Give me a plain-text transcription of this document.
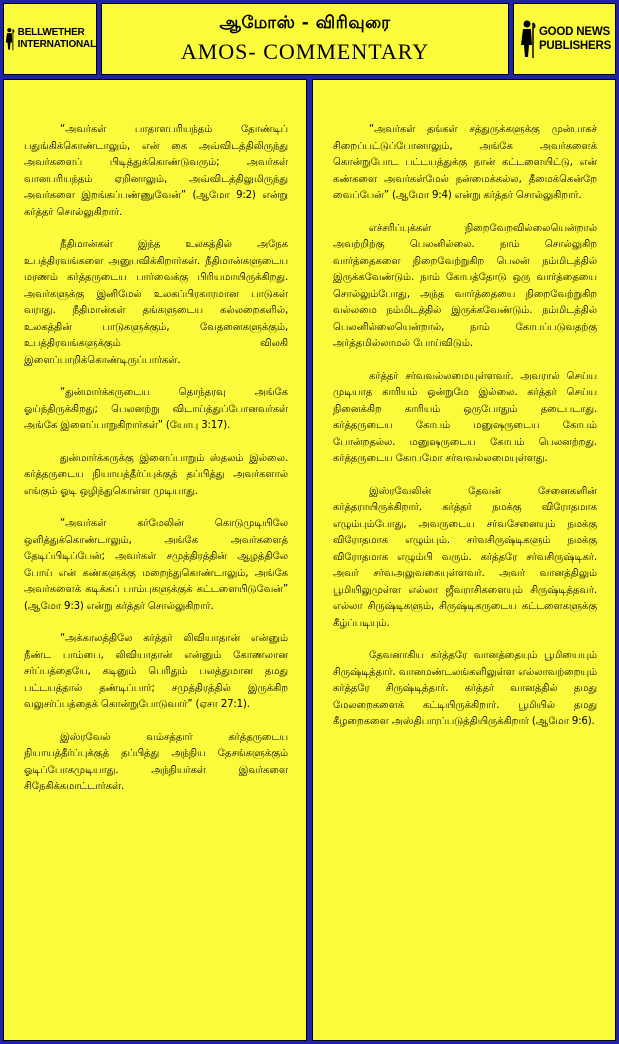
BELLWETHER
INTERNATIONAL
ஆமோஸ் - விரிவுரை
AMOS- COMMENTARY
GOOD NEWS
PUBLISHERS

“அவர்கள் பாதாளபரியந்தம் தோண்டிப் பதுங்கிக்கொண்டாலும், என் கை அவ்விடத்திலிருந்து அவர்களைப் பிடித்துக்கொண்டுவரும்; அவர்கள் வானபரியந்தம் ஏறினாலும், அவ்விடத்திலுமிருந்து அவர்களை இறங்கப்பண்ணுவேன்” (ஆமோ 9:2) என்று கர்த்தர் சொல்லுகிறார்.

நீதிமான்கள் இந்த உலகத்தில் அநேக உபத்திரவங்களை அனுபவிக்கிறார்கள். நீதிமான்களுடைய மரணம் கர்த்தருடைய பார்வைக்கு பிரியமாயிருக்கிறது. அவர்களுக்கு இனிமேல் உலகப்பிரகாரமான பாடுகள் வராது. நீதிமான்கள் தங்களுடைய கல்லறைகளில், உலகத்தின் பாடுகளுக்கும், வேதனைகளுக்கும், உபத்திரவங்களுக்கும் விலகி இளைப்பாறிக்கொண்டிருப்பார்கள்.

“துன்மார்க்கருடைய தொந்தரவு அங்கே ஓய்ந்திருக்கிறது; பெலனற்று விடாய்த்துப்போனவர்கள் அங்கே இளைப்பாறுகிறார்கள்” (யோபு 3:17).

துன்மார்க்கருக்கு இளைப்பாறும் ஸ்தலம் இல்லை. கர்த்தருடைய நியாயத்தீர்ப்புக்குத் தப்பித்து அவர்களால் எங்கும் ஓடி ஒழிந்துகொள்ள முடியாது.

“அவர்கள் கர்மேலின் கொடுமுடியிலே ஒளித்துக்கொண்டாலும், அங்கே அவர்களைத் தேடிப்பிடிப்பேன்; அவர்கள் சமுத்திரத்தின் ஆழத்திலே போய் என் கண்களுக்கு மறைந்துகொண்டாலும், அங்கே அவர்களைக் கடிக்கப் பாம்புகளுக்குக் கட்டளையிடுவேன்” (ஆமோ 9:3) என்று கர்த்தர் சொல்லுகிறார்.

“அக்காலத்திலே கர்த்தர் லிவியாதான் என்னும் நீண்ட பாம்பை, லிவியாதான் என்னும் கோணலான சர்ப்பத்தையே, கடினும் பெரிதும் பலத்துமான தமது பட்டயத்தால் தண்டிப்பார்; சமுத்திரத்தில் இருக்கிற வலுசர்ப்பத்தைக் கொன்றுபோடுவார்” (ஏசா 27:1).

இஸ்ரவேல் வம்சத்தார் கர்த்தருடைய நியாயத்தீர்ப்புக்குத் தப்பித்து அந்நிய தேசங்களுக்கும் ஓடிப்போகமுடியாது. அந்நியர்கள் இவர்களை சிநேகிக்கமாட்டார்கள்.

“அவர்கள் தங்கள் சத்துருக்களுக்கு முன்பாகச் சிறைப்பட்டுப்போனாலும், அங்கே அவர்களைக் கொன்றுபோட பட்டயத்துக்கு நான் கட்டளையிட்டு, என் கண்களை அவர்கள்மேல் நன்மைக்கல்ல, தீமைக்கென்றே வைப்பேன்” (ஆமோ 9:4) என்று கர்த்தர் சொல்லுகிறார்.

எச்சரிப்புக்கள் நிறைவேறவில்லையென்றால் அவற்றிற்கு பெலனில்லை. நாம் சொல்லுகிற வார்த்தைகளை நிறைவேற்றுகிற பெலன் நம்மிடத்தில் இருக்கவேண்டும். நாம் கோபத்தோடு ஒரு வார்த்தையை சொல்லும்போது, அந்த வார்த்தையை நிறைவேற்றுகிற வல்லமை நம்மிடத்தில் இருக்கவேண்டும். நம்மிடத்தில் பெலனில்லையென்றால், நாம் கோபப்படுவதற்கு அர்த்தமில்லாமல் போய்விடும்.

கர்த்தர் சர்வவல்லமையுள்ளவர். அவரால் செய்ய முடியாத காரியம் ஒன்றுமே இல்லை. கர்த்தர் செய்ய நினைக்கிற காரியம் ஒருபோதும் தடைபடாது. கர்த்தருடைய கோபம் மனுஷருடைய கோபம் போன்றதல்ல. மனுஷருடைய கோபம் பெலனற்றது. கர்த்தருடைய கோபமோ சர்வவல்லமையுள்ளது.

இஸ்ரவேலின் தேவன் சேனைகளின் கர்த்தராயிருக்கிறார். கர்த்தர் நமக்கு விரோதமாக எழும்பும்போது, அவருடைய சர்வசேனையும் நமக்கு விரோதமாக எழும்பும். சர்வசிருஷ்டிகளும் நமக்கு விரோதமாக எழும்பி வரும். கர்த்தரே சர்வசிருஷ்டிகர். அவர் சர்வஅலுவகையுள்ளவர். அவர் வானத்திலும் பூமியிலுமுள்ள எல்லா ஜீவராசிகளையும் சிருஷ்டித்தவர். எல்லா சிருஷ்டிகளும், சிருஷ்டிகருடைய கட்டளைகளுக்கு கீழ்ப்படியும்.

தேவனாகிய கர்த்தரே வானத்தையும் பூமியையும் சிருஷ்டித்தார். வானமண்டலங்களிலுள்ள எல்லாவற்றையும் கர்த்தரே சிருஷ்டித்தார். கர்த்தர் வானத்தில் தமது மேலறைகளைக் கட்டியிருக்கிறார். பூமியில் தமது கீழறைகளை அஸ்திபாரப்படுத்தியிருக்கிறார் (ஆமோ 9:6).
